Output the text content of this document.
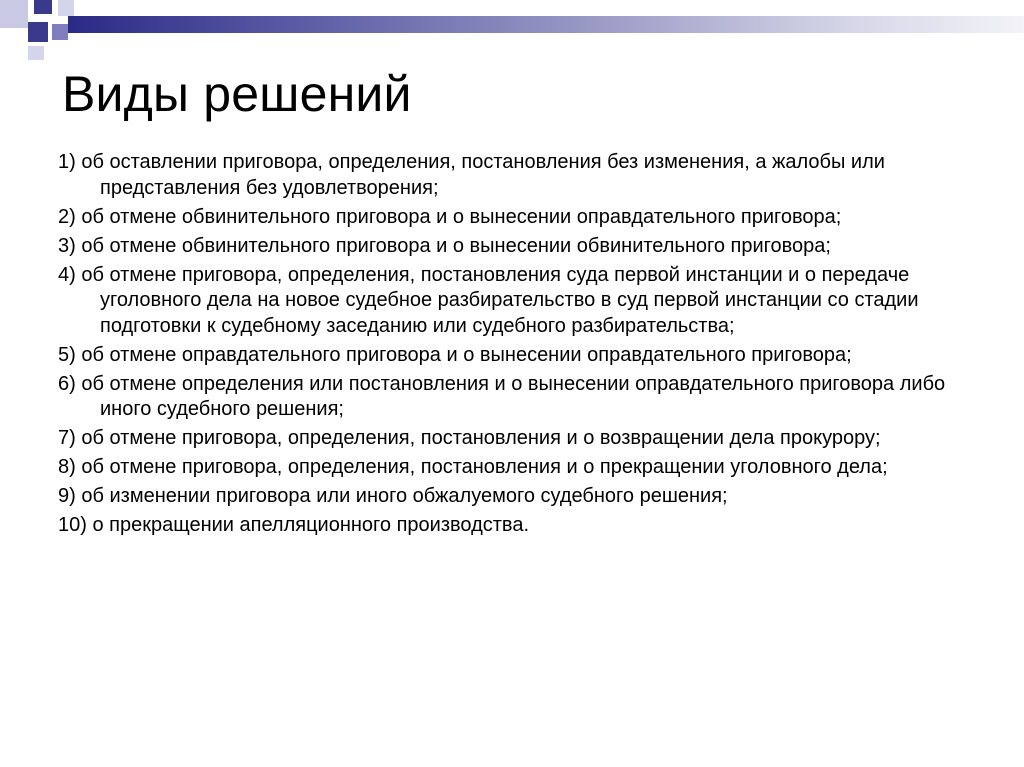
Виды решений
1) об оставлении приговора, определения, постановления без изменения, а жалобы или представления без удовлетворения;
2) об отмене обвинительного приговора и о вынесении оправдательного приговора;
3) об отмене обвинительного приговора и о вынесении обвинительного приговора;
4) об отмене приговора, определения, постановления суда первой инстанции и о передаче уголовного дела на новое судебное разбирательство в суд первой инстанции со стадии подготовки к судебному заседанию или судебного разбирательства;
5) об отмене оправдательного приговора и о вынесении оправдательного приговора;
6) об отмене определения или постановления и о вынесении оправдательного приговора либо иного судебного решения;
7) об отмене приговора, определения, постановления и о возвращении дела прокурору;
8) об отмене приговора, определения, постановления и о прекращении уголовного дела;
9) об изменении приговора или иного обжалуемого судебного решения;
10) о прекращении апелляционного производства.
